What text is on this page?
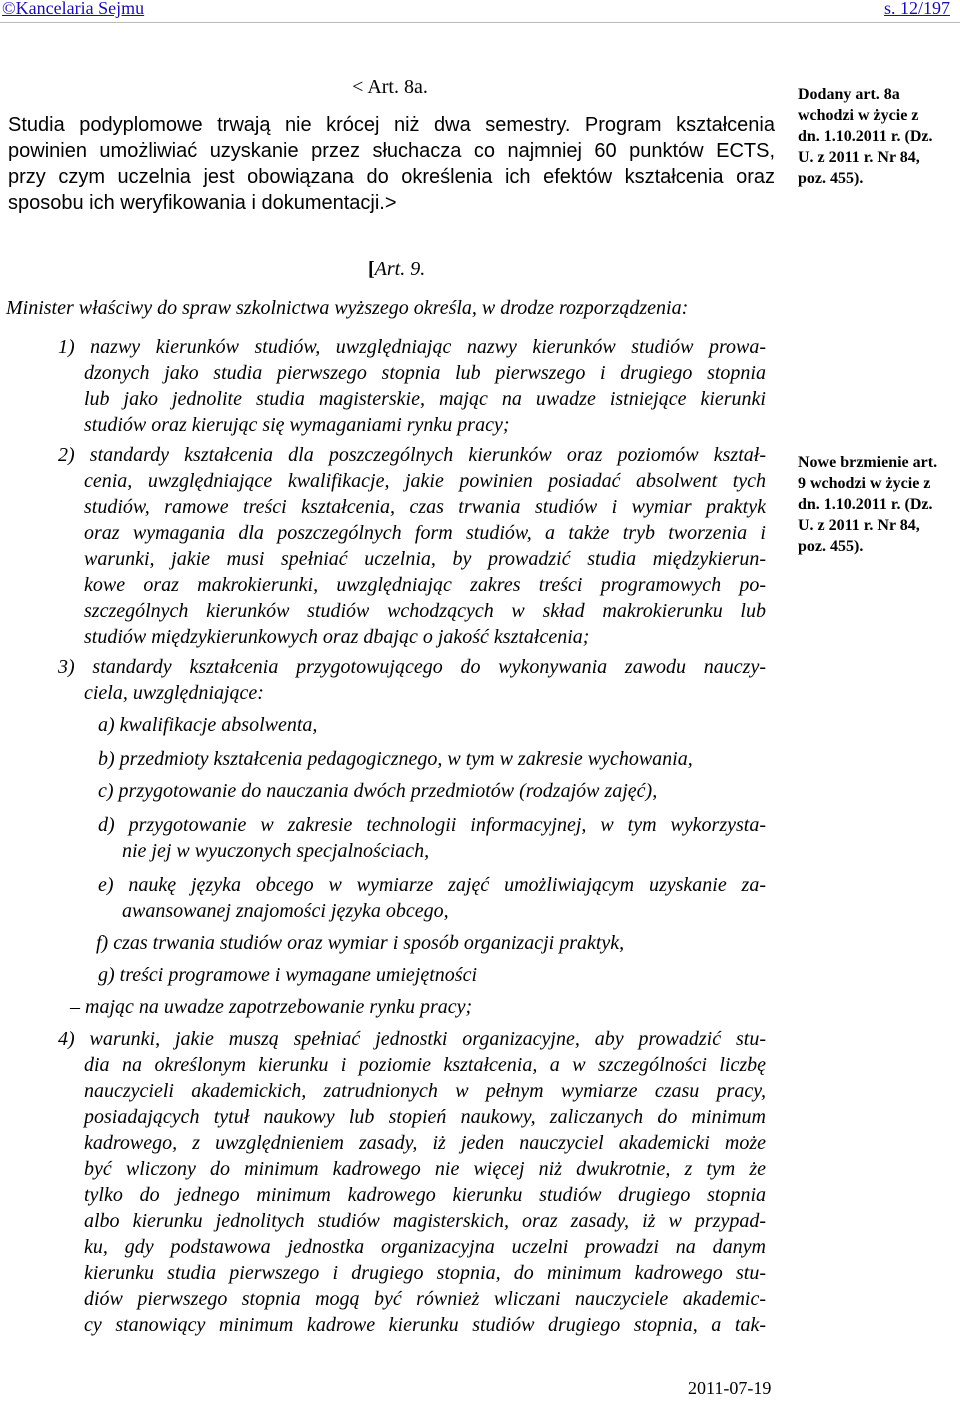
©Kancelaria Sejmu	s. 12/197
< Art. 8a.
Studia podyplomowe trwają nie krócej niż dwa semestry. Program kształcenia
powinien umożliwiać uzyskanie przez słuchacza co najmniej 60 punktów ECTS,
przy czym uczelnia jest obowiązana do określenia ich efektów kształcenia oraz
sposobu ich weryfikowania i dokumentacji.>
Dodany art. 8a
wchodzi w życie z
dn. 1.10.2011 r. (Dz.
U. z 2011 r. Nr 84,
poz. 455).
Nowe brzmienie art.
9 wchodzi w życie z
dn. 1.10.2011 r. (Dz.
U. z 2011 r. Nr 84,
poz. 455).
[Art. 9.
Minister właściwy do spraw szkolnictwa wyższego określa, w drodze rozporządzenia:
1) nazwy kierunków studiów, uwzględniając nazwy kierunków studiów prowa-
dzonych jako studia pierwszego stopnia lub pierwszego i drugiego stopnia
lub jako jednolite studia magisterskie, mając na uwadze istniejące kierunki
studiów oraz kierując się wymaganiami rynku pracy;
2) standardy kształcenia dla poszczególnych kierunków oraz poziomów kształ-
cenia, uwzględniające kwalifikacje, jakie powinien posiadać absolwent tych
studiów, ramowe treści kształcenia, czas trwania studiów i wymiar praktyk
oraz wymagania dla poszczególnych form studiów, a także tryb tworzenia i
warunki, jakie musi spełniać uczelnia, by prowadzić studia międzykierun-
kowe oraz makrokierunki, uwzględniając zakres treści programowych po-
szczególnych kierunków studiów wchodzących w skład makrokierunku lub
studiów międzykierunkowych oraz dbając o jakość kształcenia;
3) standardy kształcenia przygotowującego do wykonywania zawodu nauczy-
ciela, uwzględniające:
a) kwalifikacje absolwenta,
b) przedmioty kształcenia pedagogicznego, w tym w zakresie wychowania,
c) przygotowanie do nauczania dwóch przedmiotów (rodzajów zajęć),
d) przygotowanie w zakresie technologii informacyjnej, w tym wykorzysta-
nie jej w wyuczonych specjalnościach,
e) naukę języka obcego w wymiarze zajęć umożliwiającym uzyskanie za-
awansowanej znajomości języka obcego,
f) czas trwania studiów oraz wymiar i sposób organizacji praktyk,
g) treści programowe i wymagane umiejętności
– mając na uwadze zapotrzebowanie rynku pracy;
4) warunki, jakie muszą spełniać jednostki organizacyjne, aby prowadzić stu-
dia na określonym kierunku i poziomie kształcenia, a w szczególności liczbę
nauczycieli akademickich, zatrudnionych w pełnym wymiarze czasu pracy,
posiadających tytuł naukowy lub stopień naukowy, zaliczanych do minimum
kadrowego, z uwzględnieniem zasady, iż jeden nauczyciel akademicki może
być wliczony do minimum kadrowego nie więcej niż dwukrotnie, z tym że
tylko do jednego minimum kadrowego kierunku studiów drugiego stopnia
albo kierunku jednolitych studiów magisterskich, oraz zasady, iż w przypad-
ku, gdy podstawowa jednostka organizacyjna uczelni prowadzi na danym
kierunku studia pierwszego i drugiego stopnia, do minimum kadrowego stu-
diów pierwszego stopnia mogą być również wliczani nauczyciele akademic-
cy stanowiący minimum kadrowe kierunku studiów drugiego stopnia, a tak-
2011-07-19
